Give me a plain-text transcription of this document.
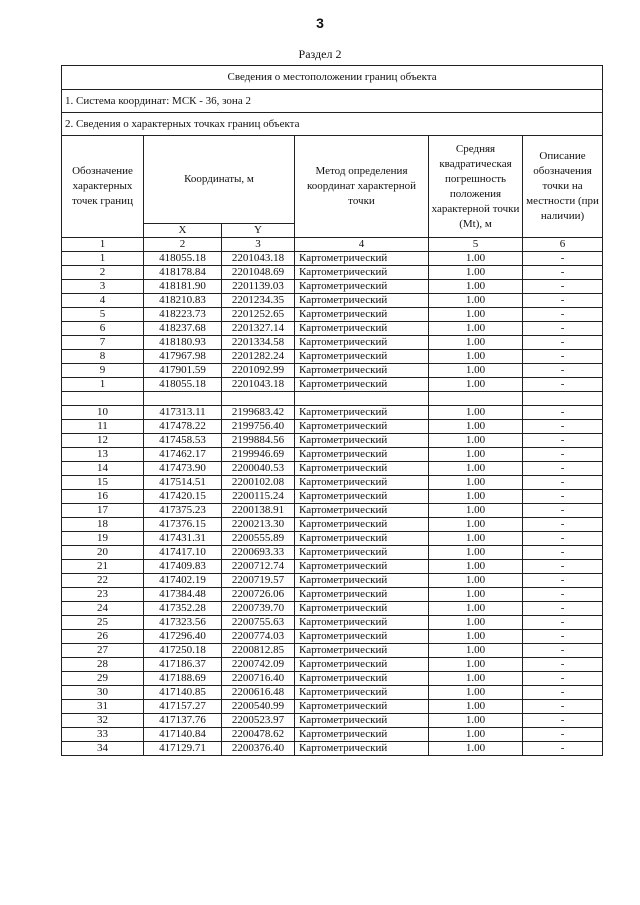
3
Раздел 2
Сведения о местоположении границ объекта					
1. Система координат: МСК - 36, зона 2					
2. Сведения о характерных точках границ объекта					
Обозначение характерных точек границ	Координаты, м		Метод определения координат характерной точки	Средняя квадратическая погрешность положения характерной точки (Mt), м	Описание обозначения точки на местности (при наличии)
	X	Y			
1	2	3	4	5	6
1	418055.18	2201043.18	Картометрический	1.00	-
2	418178.84	2201048.69	Картометрический	1.00	-
3	418181.90	2201139.03	Картометрический	1.00	-
4	418210.83	2201234.35	Картометрический	1.00	-
5	418223.73	2201252.65	Картометрический	1.00	-
6	418237.68	2201327.14	Картометрический	1.00	-
7	418180.93	2201334.58	Картометрический	1.00	-
8	417967.98	2201282.24	Картометрический	1.00	-
9	417901.59	2201092.99	Картометрический	1.00	-
1	418055.18	2201043.18	Картометрический	1.00	-

10	417313.11	2199683.42	Картометрический	1.00	-
11	417478.22	2199756.40	Картометрический	1.00	-
12	417458.53	2199884.56	Картометрический	1.00	-
13	417462.17	2199946.69	Картометрический	1.00	-
14	417473.90	2200040.53	Картометрический	1.00	-
15	417514.51	2200102.08	Картометрический	1.00	-
16	417420.15	2200115.24	Картометрический	1.00	-
17	417375.23	2200138.91	Картометрический	1.00	-
18	417376.15	2200213.30	Картометрический	1.00	-
19	417431.31	2200555.89	Картометрический	1.00	-
20	417417.10	2200693.33	Картометрический	1.00	-
21	417409.83	2200712.74	Картометрический	1.00	-
22	417402.19	2200719.57	Картометрический	1.00	-
23	417384.48	2200726.06	Картометрический	1.00	-
24	417352.28	2200739.70	Картометрический	1.00	-
25	417323.56	2200755.63	Картометрический	1.00	-
26	417296.40	2200774.03	Картометрический	1.00	-
27	417250.18	2200812.85	Картометрический	1.00	-
28	417186.37	2200742.09	Картометрический	1.00	-
29	417188.69	2200716.40	Картометрический	1.00	-
30	417140.85	2200616.48	Картометрический	1.00	-
31	417157.27	2200540.99	Картометрический	1.00	-
32	417137.76	2200523.97	Картометрический	1.00	-
33	417140.84	2200478.62	Картометрический	1.00	-
34	417129.71	2200376.40	Картометрический	1.00	-
